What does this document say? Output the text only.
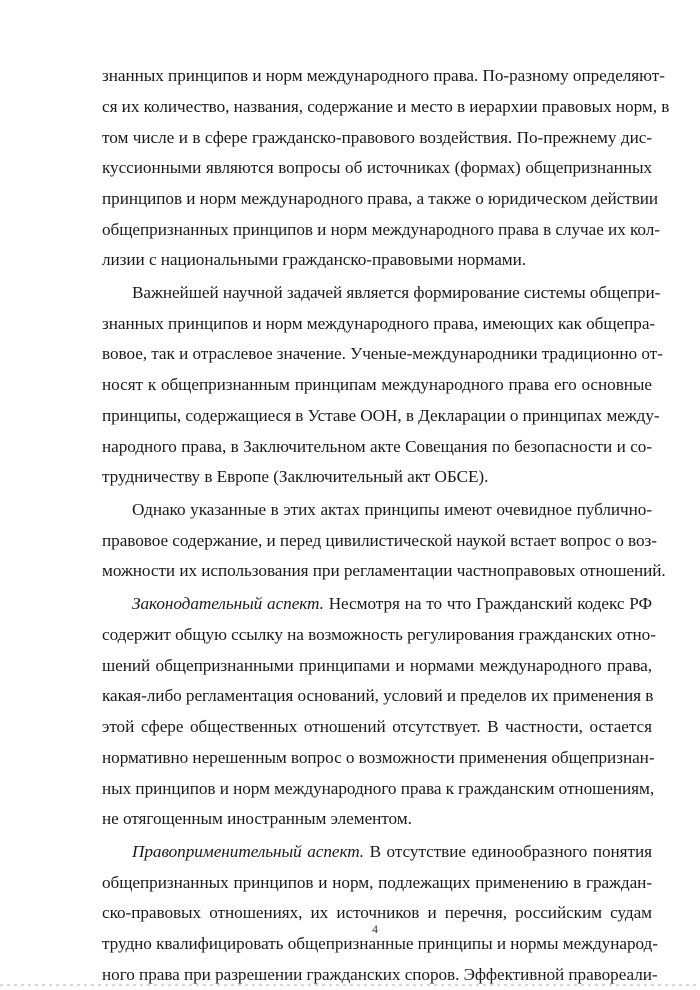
знанных принципов и норм международного права. По-разному определяют-
ся их количество, названия, содержание и место в иерархии правовых норм, в
том числе и в сфере гражданско-правового воздействия. По-прежнему дис-
куссионными являются вопросы об источниках (формах) общепризнанных
принципов и норм международного права, а также о юридическом действии
общепризнанных принципов и норм международного права в случае их кол-
лизии с национальными гражданско-правовыми нормами.
Важнейшей научной задачей является формирование системы общепри-
знанных принципов и норм международного права, имеющих как общепра-
вовое, так и отраслевое значение. Ученые-международники традиционно от-
носят к общепризнанным принципам международного права его основные
принципы, содержащиеся в Уставе ООН, в Декларации о принципах между-
народного права, в Заключительном акте Совещания по безопасности и со-
трудничеству в Европе (Заключительный акт ОБСЕ).
Однако указанные в этих актах принципы имеют очевидное публично-
правовое содержание, и перед цивилистической наукой встает вопрос о воз-
можности их использования при регламентации частноправовых отношений.
Законодательный аспект. Несмотря на то что Гражданский кодекс РФ
содержит общую ссылку на возможность регулирования гражданских отно-
шений общепризнанными принципами и нормами международного права,
какая-либо регламентация оснований, условий и пределов их применения в
этой сфере общественных отношений отсутствует. В частности, остается
нормативно нерешенным вопрос о возможности применения общепризнан-
ных принципов и норм международного права к гражданским отношениям,
не отягощенным иностранным элементом.
Правоприменительный аспект. В отсутствие единообразного понятия
общепризнанных принципов и норм, подлежащих применению в граждан-
ско-правовых отношениях, их источников и перечня, российским судам
трудно квалифицировать общепризнанные принципы и нормы международ-
ного права при разрешении гражданских споров. Эффективной правореали-
4
